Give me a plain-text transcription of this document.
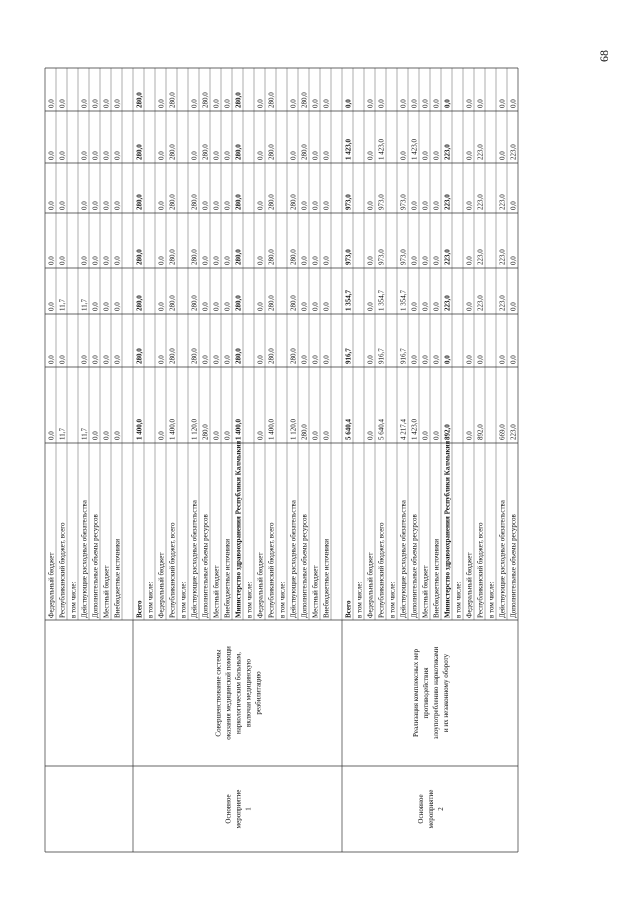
68
Федеральный бюджет
0,0
0,0
0,0
0,0
0,0
0,0
0,0
Республиканский бюджет, всего
11,7
0,0
11,7
0,0
0,0
0,0
0,0
в том числе: Действующие расходные обязательства
11,7
0,0
11,7
0,0
0,0
0,0
0,0
Дополнительные объемы ресурсов
0,0
0,0
0,0
0,0
0,0
0,0
0,0
Местный бюджет
0,0
0,0
0,0
0,0
0,0
0,0
0,0
Внебюджетные источники
0,0
0,0
0,0
0,0
0,0
0,0
0,0
Всего
1 400,0
280,0
280,0
280,0
280,0
280,0
280,0
в том числе: Федеральный бюджет
0,0
0,0
0,0
0,0
0,0
0,0
0,0
Республиканский бюджет, всего
1 400,0
280,0
280,0
280,0
280,0
280,0
280,0
в том числе: Действующие расходные обязательства
1 120,0
280,0
280,0
280,0
280,0
0,0
0,0
Дополнительные объемы ресурсов
280,0
0,0
0,0
0,0
0,0
280,0
280,0
Местный бюджет
0,0
0,0
0,0
0,0
0,0
0,0
0,0
Внебюджетные источники
0,0
0,0
0,0
0,0
0,0
0,0
0,0
Министерство здравоохранения Республики Калмыкия
1 400,0
280,0
280,0
280,0
280,0
280,0
280,0
в том числе: Федеральный бюджет
0,0
0,0
0,0
0,0
0,0
0,0
0,0
Республиканский бюджет, всего
1 400,0
280,0
280,0
280,0
280,0
280,0
280,0
в том числе: Действующие расходные обязательства
1 120,0
280,0
280,0
280,0
280,0
0,0
0,0
Дополнительные объемы ресурсов
280,0
0,0
0,0
0,0
0,0
280,0
280,0
Местный бюджет
0,0
0,0
0,0
0,0
0,0
0,0
0,0
Внебюджетные источники
0,0
0,0
0,0
0,0
0,0
0,0
0,0
Всего
5 640,4
916,7
1 354,7
973,0
973,0
1 423,0
0,0
в том числе: Федеральный бюджет
0,0
0,0
0,0
0,0
0,0
0,0
0,0
Республиканский бюджет, всего
5 640,4
916,7
1 354,7
973,0
973,0
1 423,0
0,0
в том числе: Действующие расходные обязательства
4 217,4
916,7
1 354,7
973,0
973,0
0,0
0,0
Дополнительные объемы ресурсов
1 423,0
0,0
0,0
0,0
0,0
1 423,0
0,0
Местный бюджет
0,0
0,0
0,0
0,0
0,0
0,0
0,0
Внебюджетные источники
0,0
0,0
0,0
0,0
0,0
0,0
0,0
Министерство здравоохранения Республики Калмыкия
892,0
0,0
223,0
223,0
223,0
223,0
0,0
в том числе: Федеральный бюджет
0,0
0,0
0,0
0,0
0,0
0,0
0,0
Республиканский бюджет, всего
892,0
0,0
223,0
223,0
223,0
223,0
0,0
в том числе: Действующие расходные обязательства
669,0
0,0
223,0
223,0
223,0
0,0
0,0
Дополнительные объемы ресурсов
223,0
0,0
0,0
0,0
0,0
223,0
0,0
Основное мероприятие 1
Совершенствование системы оказания медицинской помощи наркологическим больным, включая медицинскую реабилитацию
Основное мероприятие 2
Реализация комплексных мер противодействия злоупотреблению наркотиками и их незаконному обороту
